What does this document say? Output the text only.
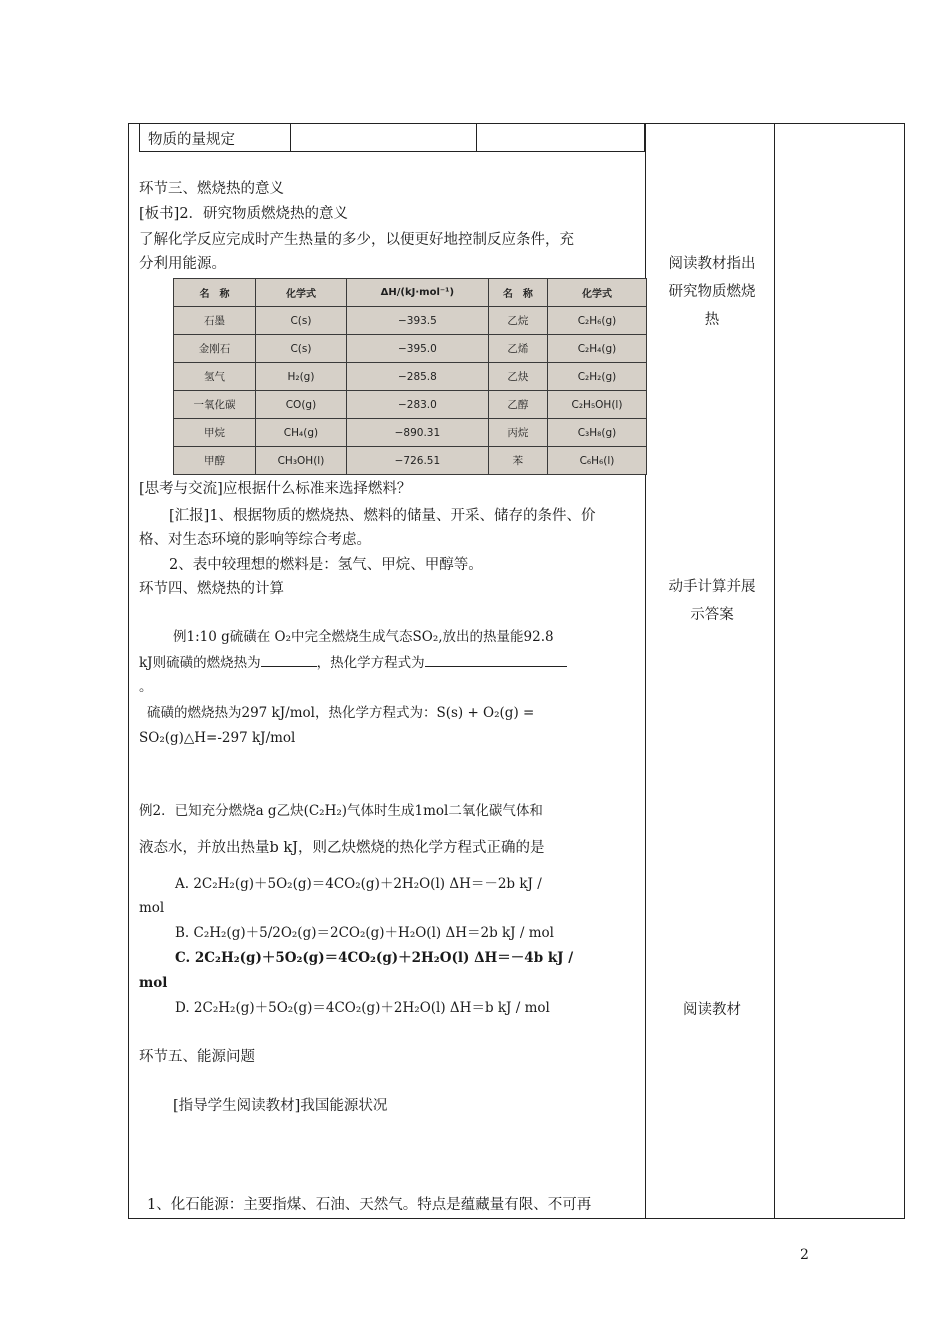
物质的量规定
环节三、燃烧热的意义
[板书]2．研究物质燃烧热的意义
了解化学反应完成时产生热量的多少，以便更好地控制反应条件，充
分利用能源。
名　称	化学式	ΔH/(kJ·mol⁻¹)	名　称	化学式
石墨	C(s)	−393.5	乙烷	C₂H₆(g)
金刚石	C(s)	−395.0	乙烯	C₂H₄(g)
氢气	H₂(g)	−285.8	乙炔	C₂H₂(g)
一氧化碳	CO(g)	−283.0	乙醇	C₂H₅OH(l)
甲烷	CH₄(g)	−890.31	丙烷	C₃H₈(g)
甲醇	CH₃OH(l)	−726.51	苯	C₆H₆(l)
[思考与交流]应根据什么标准来选择燃料？
[汇报]1、根据物质的燃烧热、燃料的储量、开采、储存的条件、价
格、对生态环境的影响等综合考虑。
2、表中较理想的燃料是：氢气、甲烷、甲醇等。
环节四、燃烧热的计算
例1:10 g硫磺在 O₂中完全燃烧生成气态SO₂,放出的热量能92.8
kJ则硫磺的燃烧热为	，热化学方程式为
。
硫磺的燃烧热为297 kJ/mol，热化学方程式为：S(s) + O₂(g) =
SO₂(g)△H=-297 kJ/mol
例2．已知充分燃烧a g乙炔(C₂H₂)气体时生成1mol二氧化碳气体和
液态水，并放出热量b kJ，则乙炔燃烧的热化学方程式正确的是
A. 2C₂H₂(g)＋5O₂(g)＝4CO₂(g)＋2H₂O(l) ΔH＝－2b kJ /
mol
B. C₂H₂(g)＋5/2O₂(g)＝2CO₂(g)＋H₂O(l) ΔH＝2b kJ / mol
C. 2C₂H₂(g)＋5O₂(g)＝4CO₂(g)＋2H₂O(l) ΔH＝－4b kJ /
mol
D. 2C₂H₂(g)＋5O₂(g)＝4CO₂(g)＋2H₂O(l) ΔH＝b kJ / mol
环节五、能源问题
[指导学生阅读教材]我国能源状况
1、化石能源：主要指煤、石油、天然气。特点是蕴藏量有限、不可再
阅读教材指出
研究物质燃烧
热
动手计算并展
示答案
阅读教材
2
